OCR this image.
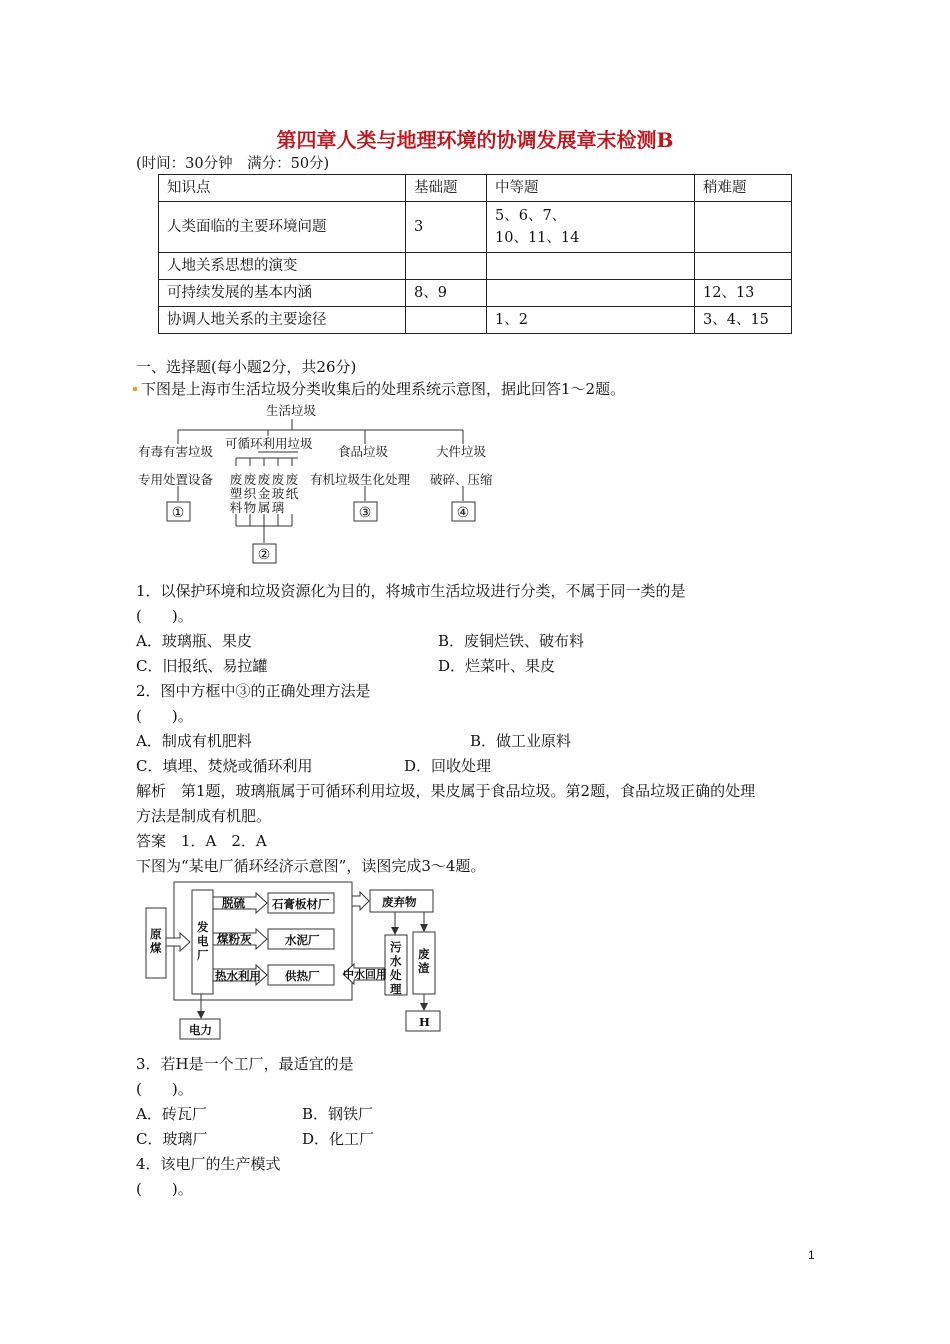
第四章人类与地理环境的协调发展章末检测B
(时间：30分钟　满分：50分)
知识点	基础题	中等题	稍难题
人类面临的主要环境问题	3	5、6、7、
10、11、14	
人地关系思想的演变			
可持续发展的基本内涵	8、9		12、13
协调人地关系的主要途径		1、2	3、4、15
一、选择题(每小题2分，共26分)
下图是上海市生活垃圾分类收集后的处理系统示意图，据此回答1～2题。
生活垃圾
有毒有害垃圾
可循环利用垃圾
食品垃圾	大件垃圾
专用处置设备	有机垃圾生化处理 破碎、压缩
废塑料
废织物
废金属
废玻璃
废纸
①
②
③	④
1．以保护环境和垃圾资源化为目的，将城市生活垃圾进行分类，不属于同一类的是
(　　)。
A．玻璃瓶、果皮	B．废铜烂铁、破布料
C．旧报纸、易拉罐	D．烂菜叶、果皮
2．图中方框中③的正确处理方法是
(　　)。
A．制成有机肥料	B．做工业原料
C．填埋、焚烧或循环利用	D．回收处理
解析　第1题，玻璃瓶属于可循环利用垃圾，果皮属于食品垃圾。第2题，食品垃圾正确的处理
方法是制成有机肥。
答案　1．A　2．A
下图为“某电厂循环经济示意图”，读图完成3～4题。
原
煤
发
电
厂
脱硫 石膏板材厂
煤粉灰	水泥厂
热水利用 供热厂 中水回用
废弃物
污
水
处
理
废
渣
H
电力
3．若H是一个工厂，最适宜的是
(　　)。
A．砖瓦厂	B．钢铁厂
C．玻璃厂	D．化工厂
4．该电厂的生产模式
(　　)。
1
